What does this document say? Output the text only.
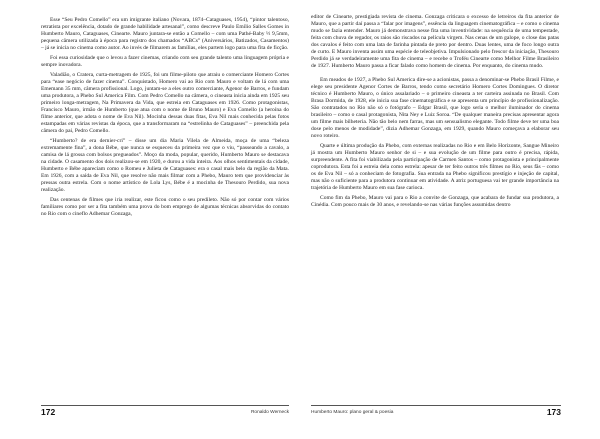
Esse “Seu Pedro Comello” era um imigrante italiano (Novara, 1874–Cataguases, 1954), “pintor talentoso, retratista por excelência, dotado de grande habilidade artesanal”, como descreve Paulo Emílio Salles Gomes in Humberto Mauro, Cataguases, Cinearte. Mauro juntara-se então a Comello – com uma Pathé-Baby ½ 9,5mm, pequena câmera utilizada à época para registro dos chamados “ABCs” (Aniversários, Batizados, Casamentos) – já se inicia no cinema como autor. Ao invés de filmarem as famílias, eles partem logo para uma fita de ficção.

Foi essa curiosidade que o levou a fazer cinemas, criando com seu grande talento uma linguagem própria e sempre inovadora.

Valadião, o Cratera, curta-metragem de 1925, foi um filme-piloto que atraiu o comerciante Homero Cortes para “ease negócio de fazer cinema”. Conquistado, Homero vai ao Rio com Mauro e voltam de lá com uma Ememann 35 mm, câmera profissional. Logo, juntam-se a eles outro comerciante, Agenor de Barros, e fundam uma produtora, a Phebo Sul America Film. Com Pedro Comello na câmera, o cineasta inicia ainda em 1925 seu primeiro longa-metragem, Na Primavera da Vida, que estreia em Cataguases em 1926. Como protagonistas, Francisco Mauro, irmão de Humberto (que atua com o nome de Bruno Mauro) e Eva Comello (a heroína do filme anterior, que adota o nome de Eva Nil). Mocinha dessas duas fitas, Eva Nil mais conhecida pelas fotos estampadas em várias revistas da época, que a transformaram na “estrelinha de Cataguases” – preenchida pela câmera do pai, Pedro Comello.

“Humberto? de era dernier-cri” – disse um dia Maria Vilela de Almeida, moça de uma “beleza extremamente fina”, a dona Bébe, que nunca se esqueceu da primeira vez que o viu, “passeando a cavalo, a camisa de lá grossa com bolsos pregueados”. Moço da moda, popular, querido, Humberto Mauro se destacava na cidade. O casamento dos dois realizou-se em 1920, e durou a vida inteira. Aos olhos sentimentais da cidade, Humberto e Bébe apareciam como o Romeu e Julieta de Cataguases: era o casal mais belo da região da Mata. Em 1926, com a saída de Eva Nil, que resolve não mais filmar com a Phebo, Mauro tem que providenciar às pressas outra estrela. Com o nome artístico de Lola Lys, Bébe é a mocinha de Thesouro Perdido, sua nova realização.

Das centenas de filmes que iria realizar, este ficou como o seu predileto. Não só por contar com vários familiares como por ser a fita também uma prova do bom emprego de algumas técnicas absorvidas do contato no Rio com o cineflo Adhemar Gonzaga,

editor de Cinearte, prestigiada revista de cinema. Gonzaga criticara o excesso de letreiros da fita anterior de Mauro, que a partir daí passa a “falar por imagens”, essência da linguagem cinematográfica – e como o cinema mudo se fazia entender. Mauro já demonstrava nesse fita uma inventividade: na sequência de uma tempestade, feita com chuva de regador, os raios são riscados na película virgem. Nas cenas de um galope, o close das patas dos cavalos é feito com uma lata de farinha pintada de preto por dentro. Duas lentes, uma de foco longo outra de curto. E Mauro inventa assim uma espécie de teleobjetiva. Impulsionado pelo frescor da iniciação, Thesouro Perdido já se verdadeiramente uma fita de cinema – e recebe o Troféu Cinearte como Melhor Filme Brasileiro de 1927. Humberto Mauro passa a ficar falado como homem de cinema. Por enquanto, do cinema mudo.

Em meados de 1927, a Phebo Sul America dire-se a acionistas, passa a denominar-se Phebo Brasil Filme, e elege seu presidente Agenor Cortes de Barros, tendo como secretário Homero Cortes Domingues. O diretor técnico é Humberto Mauro, o único assalariado – o primeiro cineasta a ter carteira assinada no Brasil. Com Brasa Dormida, de 1928, ele inicia sua fase cinematográfica e se apresenta um princípio de profissionalização. São contratados no Rio não só o fotógrafo – Edgar Brasil, que logo seria o melhor iluminador do cinema brasileiro – como o casal protagonista, Nita Ney e Luiz Soroa. “De qualquer maneira precisas apresentar agora um filme mais bilheteria. Não tão belo nem farras, mas um sensualismo elegante. Todo filme deve ter uma boa dose pelo menos de modidade”, dizia Adhemar Gonzaga, em 1929, quando Mauro começava a elaborar seu novo roteiro.

Quarte e última produção da Phebo, com externas realizadas no Rio e em Belo Horizonte, Sangue Mineiro já mostra um Humberto Mauro senhor de si – e sua evolução de um filme para outro é precisa, rápida, surpreendente. A fita foi viabilizada pela participação de Carmen Santos – como protagonista e principalmente coprodutora. Esta foi a estreia dela como estrela: apesar de ter feito outros três filmes no Rio, seus fãs – como os de Eva Nil – só a conheciam de fotografia. Sua entrada na Phebo significou prestígio e injeção de capital, mas não o suficiente para a produtora continuar em atividade. A atriz portuguesa vai ter grande importância na trajetória de Humberto Mauro em sua fase carioca.

Como fim da Phebo, Mauro vai para o Rio a convite de Gonzaga, que acabara de fundar sua produtora, a Cinédia. Com pouco mais de 30 anos, e revelando-se nas várias funções assumidas dentro

172	Ronaldo Werneck	Humberto Mauro: plano geral & poesia	173
